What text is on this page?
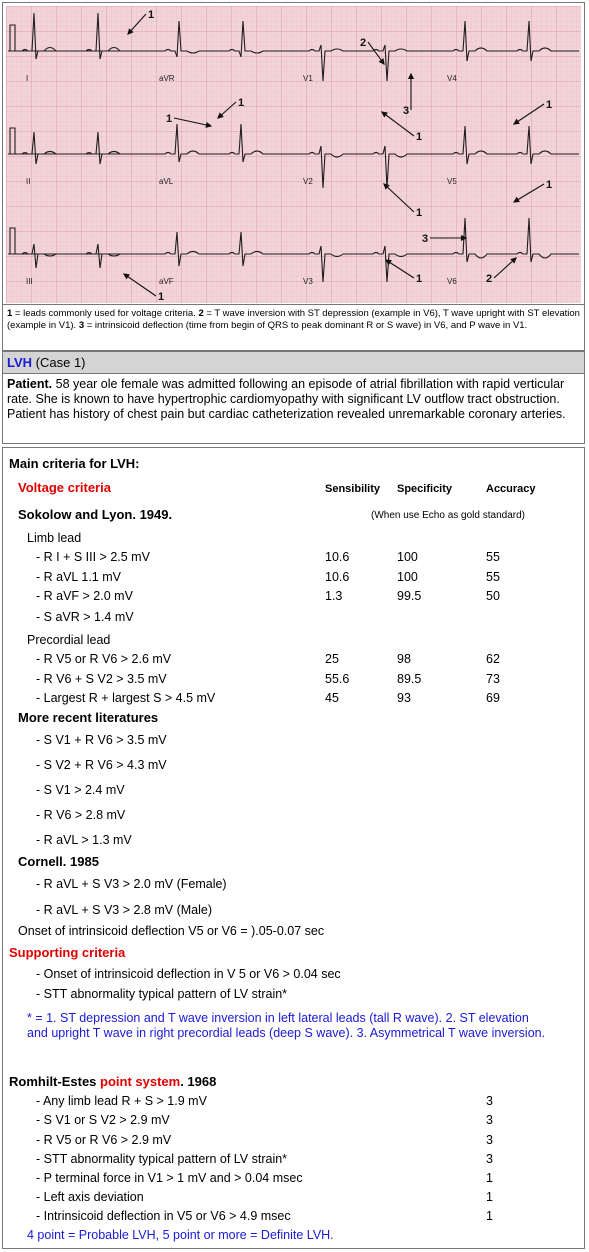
I	aVR	V1	V4
II	aVL	V2	V5
III	aVF	V3	V6
1
1
1
1
1
1
1
1
1
2
2
3
3
1 = leads commonly used for voltage criteria. 2 = T wave inversion with ST depression (example in V6), T wave upright with ST elevation (example in V1). 3 = intrinsicoid deflection (time from begin of QRS to peak dominant R or S wave) in V6, and P wave in V1.
LVH (Case 1)
Patient. 58 year ole female was admitted following an episode of atrial fibrillation with rapid verticular rate. She is known to have hypertrophic cardiomyopathy with significant LV outflow tract obstruction. Patient has history of chest pain but cardiac catheterization revealed unremarkable coronary arteries.
Main criteria for LVH:
Voltage criteria	Sensibility Specificity	Accuracy
Sokolow and Lyon. 1949.	(When use Echo as gold standard)
Limb lead
- R I + S III > 2.5 mV	10.6	100	55
- R aVL 1.1 mV	10.6	100	55
- R aVF > 2.0 mV	1.3	99.5	50
- S aVR > 1.4 mV
Precordial lead
- R V5 or R V6 > 2.6 mV	25	98	62
- R V6 + S V2 > 3.5 mV	55.6	89.5	73
- Largest R + largest S > 4.5 mV	45	93	69
More recent literatures
- S V1 + R V6 > 3.5 mV
- S V2 + R V6 > 4.3 mV
- S V1 > 2.4 mV
- R V6 > 2.8 mV
- R aVL > 1.3 mV
Cornell. 1985
- R aVL + S V3 > 2.0 mV (Female)
- R aVL + S V3 > 2.8 mV (Male)
Onset of intrinsicoid deflection V5 or V6 = ).05-0.07 sec
Supporting criteria
- Onset of intrinsicoid deflection in V 5 or V6 > 0.04 sec
- STT abnormality typical pattern of LV strain*
* = 1. ST depression and T wave inversion in left lateral leads (tall R wave). 2. ST elevation
and upright T wave in right precordial leads (deep S wave). 3. Asymmetrical T wave inversion.
Romhilt-Estes point system. 1968
- Any limb lead R + S > 1.9 mV	3
- S V1 or S V2 > 2.9 mV	3
- R V5 or R V6 > 2.9 mV	3
- STT abnormality typical pattern of LV strain*	3
- P terminal force in V1 > 1 mV and > 0.04 msec	1
- Left axis deviation	1
- Intrinsicoid deflection in V5 or V6 > 4.9 msec	1
4 point = Probable LVH, 5 point or more = Definite LVH.
